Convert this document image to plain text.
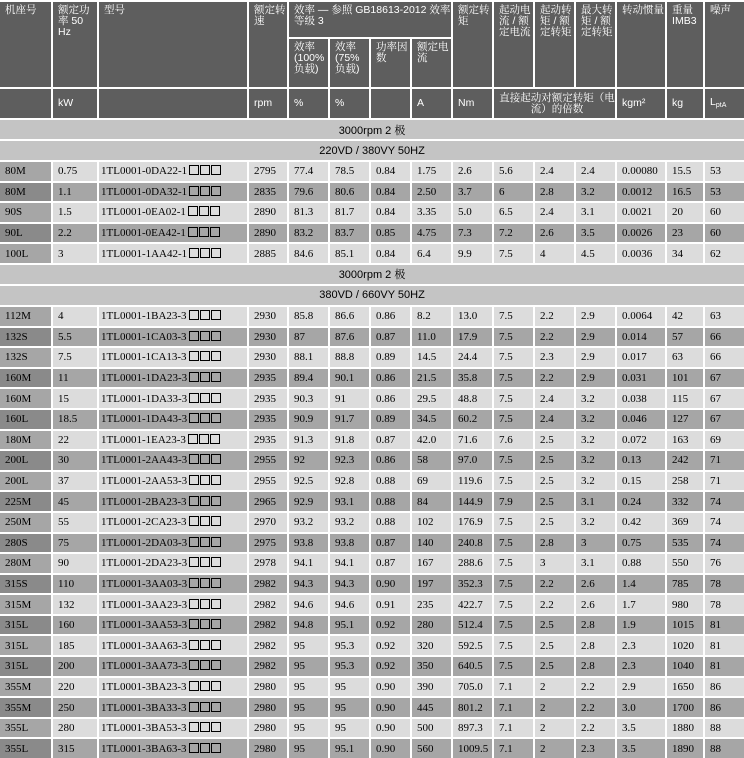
机座号	额定功率 50 Hz	型号	额定转速	效率 — 参照 GB18613-2012 效率等级 3				额定转矩	起动电流 / 额定电流	起动转矩 / 额定转矩	最大转矩 / 额定转矩	转动惯量	重量 IMB3	噪声
				效率 (100% 负载)	效率 (75% 负载)	功率因数	额定电流							
	kW		rpm	%	%		A	Nm	直接起动对额定转矩（电流）的倍数			kgm²	kg	$L_{ptA}$
3000rpm 2 极														
220VD / 380VY 50HZ														
80M	0.75	1TL0001-0DA22-1	2795	77.4	78.5	0.84	1.75	2.6	5.6	2.4	2.4	0.00080	15.5	53
80M	1.1	1TL0001-0DA32-1	2835	79.6	80.6	0.84	2.50	3.7	6	2.8	3.2	0.0012	16.5	53
90S	1.5	1TL0001-0EA02-1	2890	81.3	81.7	0.84	3.35	5.0	6.5	2.4	3.1	0.0021	20	60
90L	2.2	1TL0001-0EA42-1	2890	83.2	83.7	0.85	4.75	7.3	7.2	2.6	3.5	0.0026	23	60
100L	3	1TL0001-1AA42-1	2885	84.6	85.1	0.84	6.4	9.9	7.5	4	4.5	0.0036	34	62
3000rpm 2 极														
380VD / 660VY 50HZ														
112M	4	1TL0001-1BA23-3	2930	85.8	86.6	0.86	8.2	13.0	7.5	2.2	2.9	0.0064	42	63
132S	5.5	1TL0001-1CA03-3	2930	87	87.6	0.87	11.0	17.9	7.5	2.2	2.9	0.014	57	66
132S	7.5	1TL0001-1CA13-3	2930	88.1	88.8	0.89	14.5	24.4	7.5	2.3	2.9	0.017	63	66
160M	11	1TL0001-1DA23-3	2935	89.4	90.1	0.86	21.5	35.8	7.5	2.2	2.9	0.031	101	67
160M	15	1TL0001-1DA33-3	2935	90.3	91	0.86	29.5	48.8	7.5	2.4	3.2	0.038	115	67
160L	18.5	1TL0001-1DA43-3	2935	90.9	91.7	0.89	34.5	60.2	7.5	2.4	3.2	0.046	127	67
180M	22	1TL0001-1EA23-3	2935	91.3	91.8	0.87	42.0	71.6	7.6	2.5	3.2	0.072	163	69
200L	30	1TL0001-2AA43-3	2955	92	92.3	0.86	58	97.0	7.5	2.5	3.2	0.13	242	71
200L	37	1TL0001-2AA53-3	2955	92.5	92.8	0.88	69	119.6	7.5	2.5	3.2	0.15	258	71
225M	45	1TL0001-2BA23-3	2965	92.9	93.1	0.88	84	144.9	7.9	2.5	3.1	0.24	332	74
250M	55	1TL0001-2CA23-3	2970	93.2	93.2	0.88	102	176.9	7.5	2.5	3.2	0.42	369	74
280S	75	1TL0001-2DA03-3	2975	93.8	93.8	0.87	140	240.8	7.5	2.8	3	0.75	535	74
280M	90	1TL0001-2DA23-3	2978	94.1	94.1	0.87	167	288.6	7.5	3	3.1	0.88	550	76
315S	110	1TL0001-3AA03-3	2982	94.3	94.3	0.90	197	352.3	7.5	2.2	2.6	1.4	785	78
315M	132	1TL0001-3AA23-3	2982	94.6	94.6	0.91	235	422.7	7.5	2.2	2.6	1.7	980	78
315L	160	1TL0001-3AA53-3	2982	94.8	95.1	0.92	280	512.4	7.5	2.5	2.8	1.9	1015	81
315L	185	1TL0001-3AA63-3	2982	95	95.3	0.92	320	592.5	7.5	2.5	2.8	2.3	1020	81
315L	200	1TL0001-3AA73-3	2982	95	95.3	0.92	350	640.5	7.5	2.5	2.8	2.3	1040	81
355M	220	1TL0001-3BA23-3	2980	95	95	0.90	390	705.0	7.1	2	2.2	2.9	1650	86
355M	250	1TL0001-3BA33-3	2980	95	95	0.90	445	801.2	7.1	2	2.2	3.0	1700	86
355L	280	1TL0001-3BA53-3	2980	95	95	0.90	500	897.3	7.1	2	2.2	3.5	1880	88
355L	315	1TL0001-3BA63-3	2980	95	95.1	0.90	560	1009.5	7.1	2	2.3	3.5	1890	88
